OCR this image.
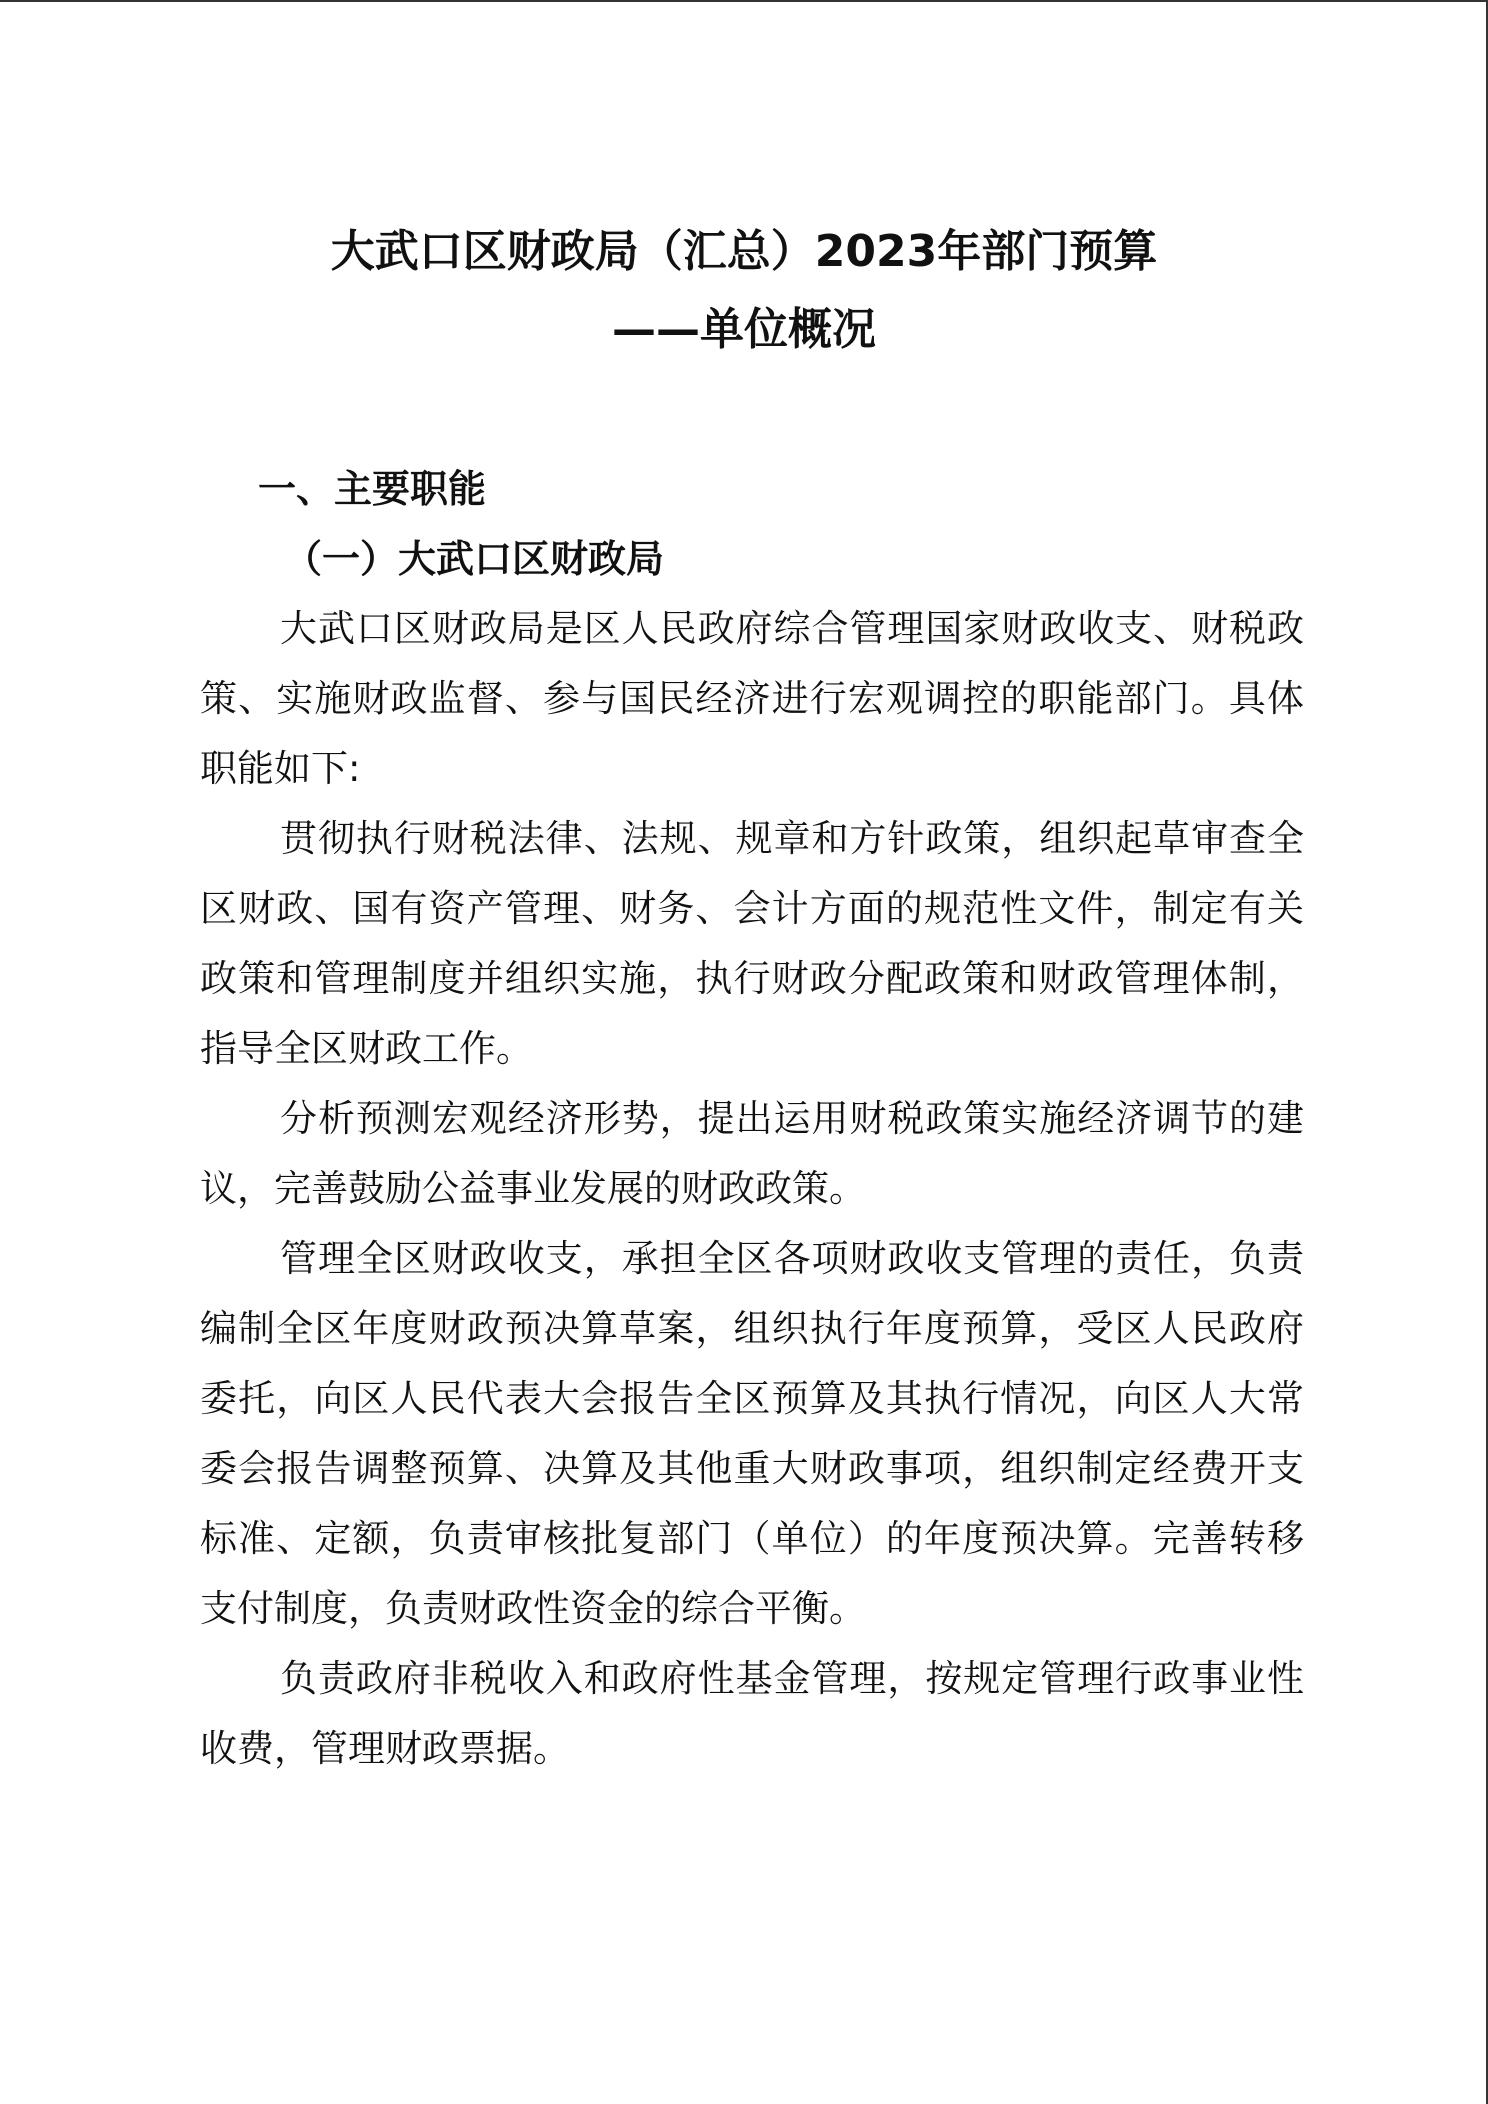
大武口区财政局（汇总）2023年部门预算
——单位概况
一、主要职能
（一）大武口区财政局

大武口区财政局是区人民政府综合管理国家财政收支、财税政策、实施财政监督、参与国民经济进行宏观调控的职能部门。具体职能如下:

贯彻执行财税法律、法规、规章和方针政策，组织起草审查全区财政、国有资产管理、财务、会计方面的规范性文件，制定有关政策和管理制度并组织实施，执行财政分配政策和财政管理体制，指导全区财政工作。

分析预测宏观经济形势，提出运用财税政策实施经济调节的建议，完善鼓励公益事业发展的财政政策。

管理全区财政收支，承担全区各项财政收支管理的责任，负责编制全区年度财政预决算草案，组织执行年度预算，受区人民政府委托，向区人民代表大会报告全区预算及其执行情况，向区人大常委会报告调整预算、决算及其他重大财政事项，组织制定经费开支标准、定额，负责审核批复部门（单位）的年度预决算。完善转移支付制度，负责财政性资金的综合平衡。

负责政府非税收入和政府性基金管理，按规定管理行政事业性收费，管理财政票据。
